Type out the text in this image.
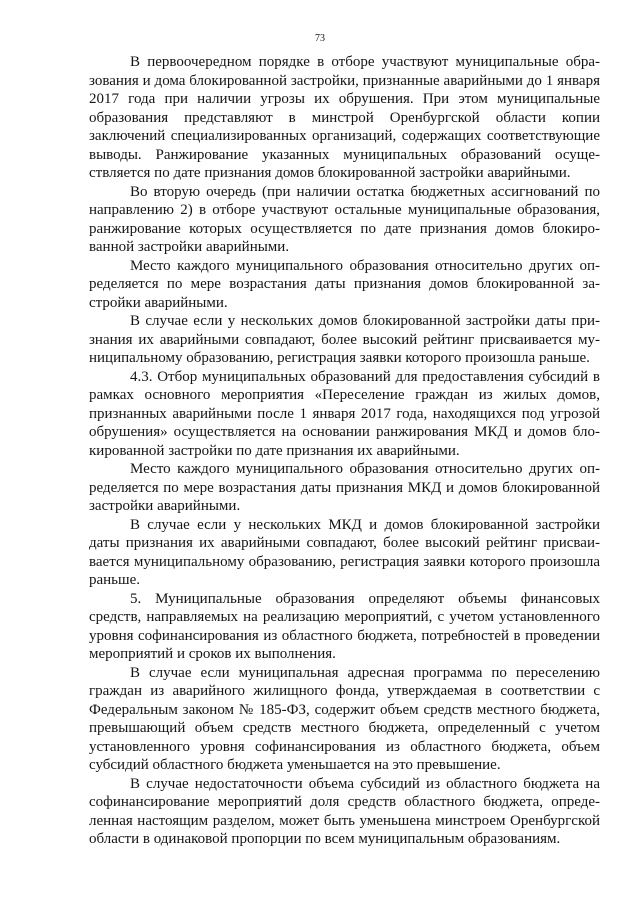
73

В первоочередном порядке в отборе участвуют муниципальные образования и дома блокированной застройки, признанные аварийными до 1 января 2017 года при наличии угрозы их обрушения. При этом муниципальные образования представляют в минстрой Оренбургской области копии заключений специализированных организаций, содержащих соответствующие выводы. Ранжирование указанных муниципальных образований осуществляется по дате признания домов блокированной застройки аварийными.

Во вторую очередь (при наличии остатка бюджетных ассигнований по направлению 2) в отборе участвуют остальные муниципальные образования, ранжирование которых осуществляется по дате признания домов блокированной застройки аварийными.

Место каждого муниципального образования относительно других определяется по мере возрастания даты признания домов блокированной застройки аварийными.

В случае если у нескольких домов блокированной застройки даты признания их аварийными совпадают, более высокий рейтинг присваивается муниципальному образованию, регистрация заявки которого произошла раньше.

4.3. Отбор муниципальных образований для предоставления субсидий в рамках основного мероприятия «Переселение граждан из жилых домов, признанных аварийными после 1 января 2017 года, находящихся под угрозой обрушения» осуществляется на основании ранжирования МКД и домов блокированной застройки по дате признания их аварийными.

Место каждого муниципального образования относительно других определяется по мере возрастания даты признания МКД и домов блокированной застройки аварийными.

В случае если у нескольких МКД и домов блокированной застройки даты признания их аварийными совпадают, более высокий рейтинг присваивается муниципальному образованию, регистрация заявки которого произошла раньше.

5. Муниципальные образования определяют объемы финансовых средств, направляемых на реализацию мероприятий, с учетом установленного уровня софинансирования из областного бюджета, потребностей в проведении мероприятий и сроков их выполнения.

В случае если муниципальная адресная программа по переселению граждан из аварийного жилищного фонда, утверждаемая в соответствии с Федеральным законом № 185-ФЗ, содержит объем средств местного бюджета, превышающий объем средств местного бюджета, определенный с учетом установленного уровня софинансирования из областного бюджета, объем субсидий областного бюджета уменьшается на это превышение.

В случае недостаточности объема субсидий из областного бюджета на софинансирование мероприятий доля средств областного бюджета, определенная настоящим разделом, может быть уменьшена минстроем Оренбургской области в одинаковой пропорции по всем муниципальным образованиям.
